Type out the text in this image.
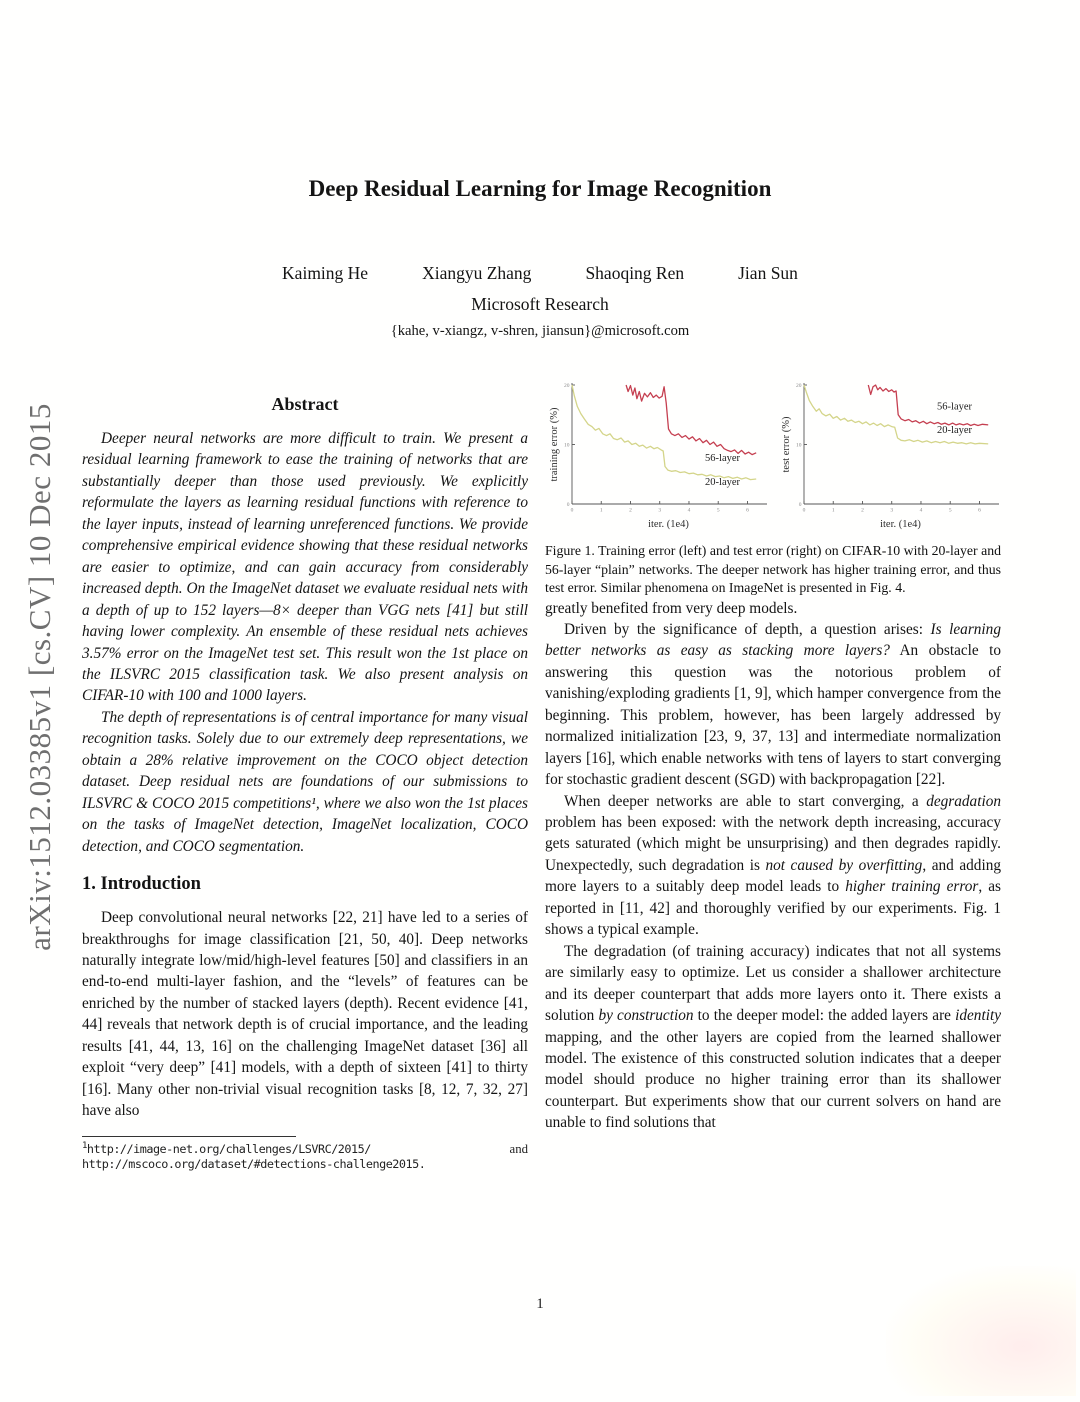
arXiv:1512.03385v1 [cs.CV] 10 Dec 2015
Deep Residual Learning for Image Recognition
Kaiming He	Xiangyu Zhang	Shaoqing Ren	Jian Sun
Microsoft Research
{kahe, v-xiangz, v-shren, jiansun}@microsoft.com
Abstract

Deeper neural networks are more difficult to train. We present a residual learning framework to ease the training of networks that are substantially deeper than those used previously. We explicitly reformulate the layers as learning residual functions with reference to the layer inputs, instead of learning unreferenced functions. We provide comprehensive empirical evidence showing that these residual networks are easier to optimize, and can gain accuracy from considerably increased depth. On the ImageNet dataset we evaluate residual nets with a depth of up to 152 layers—8× deeper than VGG nets [41] but still having lower complexity. An ensemble of these residual nets achieves 3.57% error on the ImageNet test set. This result won the 1st place on the ILSVRC 2015 classification task. We also present analysis on CIFAR-10 with 100 and 1000 layers.

The depth of representations is of central importance for many visual recognition tasks. Solely due to our extremely deep representations, we obtain a 28% relative improvement on the COCO object detection dataset. Deep residual nets are foundations of our submissions to ILSVRC & COCO 2015 competitions¹, where we also won the 1st places on the tasks of ImageNet detection, ImageNet localization, COCO detection, and COCO segmentation.

1. Introduction

Deep convolutional neural networks [22, 21] have led to a series of breakthroughs for image classification [21, 50, 40]. Deep networks naturally integrate low/mid/high-level features [50] and classifiers in an end-to-end multi-layer fashion, and the “levels” of features can be enriched by the number of stacked layers (depth). Recent evidence [41, 44] reveals that network depth is of crucial importance, and the leading results [41, 44, 13, 16] on the challenging ImageNet dataset [36] all exploit “very deep” [41] models, with a depth of sixteen [41] to thirty [16]. Many other non-trivial visual recognition tasks [8, 12, 7, 32, 27] have also

$^1$http://image-net.org/challenges/LSVRC/2015/	and http://mscoco.org/dataset/#detections-challenge2015.
0	1	2	3	4	5	6
0
10
20
56-layer
20-layer
iter. (1e4)
training error (%)
0	1	2	3	4	5	6
0
10
20
56-layer
20-layer
iter. (1e4)
test error (%)
Figure 1. Training error (left) and test error (right) on CIFAR-10 with 20-layer and 56-layer “plain” networks. The deeper network has higher training error, and thus test error. Similar phenomena on ImageNet is presented in Fig. 4.

greatly benefited from very deep models.

Driven by the significance of depth, a question arises: Is learning better networks as easy as stacking more layers? An obstacle to answering this question was the notorious problem of vanishing/exploding gradients [1, 9], which hamper convergence from the beginning. This problem, however, has been largely addressed by normalized initialization [23, 9, 37, 13] and intermediate normalization layers [16], which enable networks with tens of layers to start converging for stochastic gradient descent (SGD) with backpropagation [22].

When deeper networks are able to start converging, a degradation problem has been exposed: with the network depth increasing, accuracy gets saturated (which might be unsurprising) and then degrades rapidly. Unexpectedly, such degradation is not caused by overfitting, and adding more layers to a suitably deep model leads to higher training error, as reported in [11, 42] and thoroughly verified by our experiments. Fig. 1 shows a typical example.

The degradation (of training accuracy) indicates that not all systems are similarly easy to optimize. Let us consider a shallower architecture and its deeper counterpart that adds more layers onto it. There exists a solution by construction to the deeper model: the added layers are identity mapping, and the other layers are copied from the learned shallower model. The existence of this constructed solution indicates that a deeper model should produce no higher training error than its shallower counterpart. But experiments show that our current solvers on hand are unable to find solutions that

1
